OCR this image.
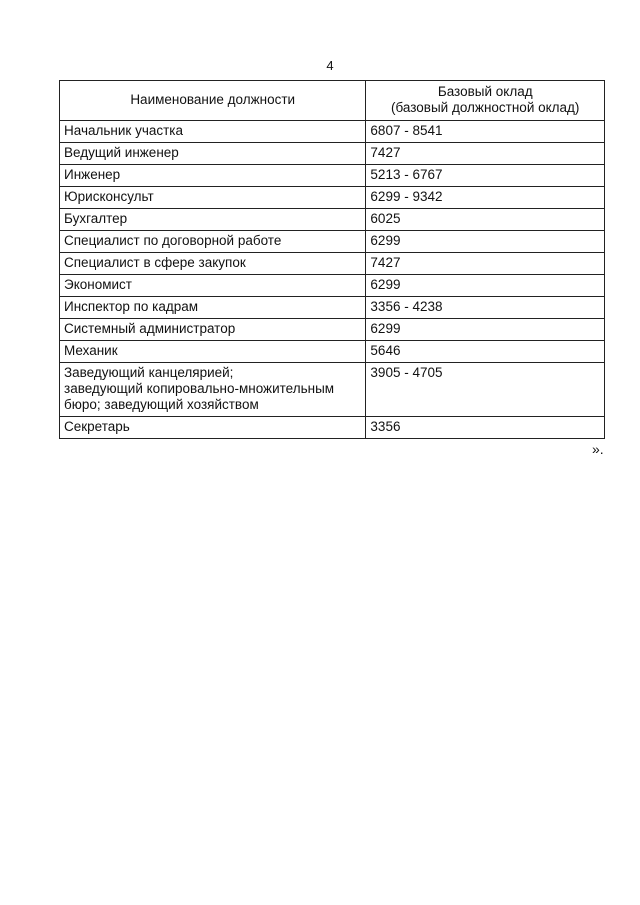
4
Наименование должности	Базовый оклад
(базовый должностной оклад)

Начальник участка	6807 - 8541
Ведущий инженер	7427
Инженер	5213 - 6767
Юрисконсульт	6299 - 9342
Бухгалтер	6025
Специалист по договорной работе	6299
Специалист в сфере закупок	7427
Экономист	6299
Инспектор по кадрам	3356 - 4238
Системный администратор	6299
Механик	5646

Заведующий канцелярией;
заведующий копировально-множительным
бюро; заведующий хозяйством	3905 - 4705
Секретарь	3356
».
